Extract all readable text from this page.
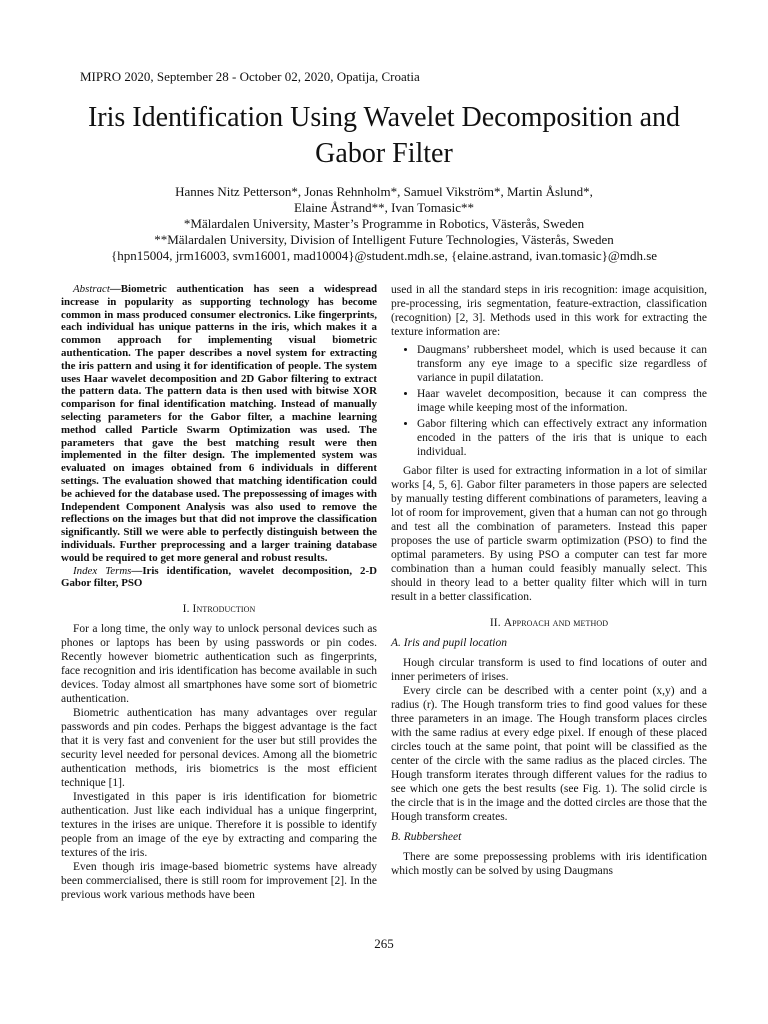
MIPRO 2020, September 28 - October 02, 2020, Opatija, Croatia
Iris Identification Using Wavelet Decomposition and
Gabor Filter
Hannes Nitz Petterson*, Jonas Rehnholm*, Samuel Vikström*, Martin Åslund*,
Elaine Åstrand**, Ivan Tomasic**
*Mälardalen University, Master’s Programme in Robotics, Västerås, Sweden
**Mälardalen University, Division of Intelligent Future Technologies, Västerås, Sweden
{hpn15004, jrm16003, svm16001, mad10004}@student.mdh.se, {elaine.astrand, ivan.tomasic}@mdh.se

Abstract—Biometric authentication has seen a widespread increase in popularity as supporting technology has become common in mass produced consumer electronics. Like fingerprints, each individual has unique patterns in the iris, which makes it a common approach for implementing visual biometric authentication. The paper describes a novel system for extracting the iris pattern and using it for identification of people. The system uses Haar wavelet decomposition and 2D Gabor filtering to extract the pattern data. The pattern data is then used with bitwise XOR comparison for final identification matching. Instead of manually selecting parameters for the Gabor filter, a machine learning method called Particle Swarm Optimization was used. The parameters that gave the best matching result were then implemented in the filter design. The implemented system was evaluated on images obtained from 6 individuals in different settings. The evaluation showed that matching identification could be achieved for the database used. The prepossessing of images with Independent Component Analysis was also used to remove the reflections on the images but that did not improve the classification significantly. Still we were able to perfectly distinguish between the individuals. Further preprocessing and a larger training database would be required to get more general and robust results.

Index Terms—Iris identification, wavelet decomposition, 2-D Gabor filter, PSO

I. Introduction

For a long time, the only way to unlock personal devices such as phones or laptops has been by using passwords or pin codes. Recently however biometric authentication such as fingerprints, face recognition and iris identification has become available in such devices. Today almost all smartphones have some sort of biometric authentication.

Biometric authentication has many advantages over regular passwords and pin codes. Perhaps the biggest advantage is the fact that it is very fast and convenient for the user but still provides the security level needed for personal devices. Among all the biometric authentication methods, iris biometrics is the most efficient technique [1].

Investigated in this paper is iris identification for biometric authentication. Just like each individual has a unique fingerprint, textures in the irises are unique. Therefore it is possible to identify people from an image of the eye by extracting and comparing the textures of the iris.

Even though iris image-based biometric systems have already been commercialised, there is still room for improvement [2]. In the previous work various methods have been

used in all the standard steps in iris recognition: image acquisition, pre-processing, iris segmentation, feature-extraction, classification (recognition) [2, 3]. Methods used in this work for extracting the texture information are:

• Daugmans’ rubbersheet model, which is used because it can transform any eye image to a specific size regardless of variance in pupil dilatation.
• Haar wavelet decomposition, because it can compress the image while keeping most of the information.
• Gabor filtering which can effectively extract any information encoded in the patters of the iris that is unique to each individual.

Gabor filter is used for extracting information in a lot of similar works [4, 5, 6]. Gabor filter parameters in those papers are selected by manually testing different combinations of parameters, leaving a lot of room for improvement, given that a human can not go through and test all the combination of parameters. Instead this paper proposes the use of particle swarm optimization (PSO) to find the optimal parameters. By using PSO a computer can test far more combination than a human could feasibly manually select. This should in theory lead to a better quality filter which will in turn result in a better classification.

II. Approach and method
A. Iris and pupil location

Hough circular transform is used to find locations of outer and inner perimeters of irises.

Every circle can be described with a center point (x,y) and a radius (r). The Hough transform tries to find good values for these three parameters in an image. The Hough transform places circles with the same radius at every edge pixel. If enough of these placed circles touch at the same point, that point will be classified as the center of the circle with the same radius as the placed circles. The Hough transform iterates through different values for the radius to see which one gets the best results (see Fig. 1). The solid circle is the circle that is in the image and the dotted circles are those that the Hough transform creates.

B. Rubbersheet

There are some prepossessing problems with iris identification which mostly can be solved by using Daugmans

265
